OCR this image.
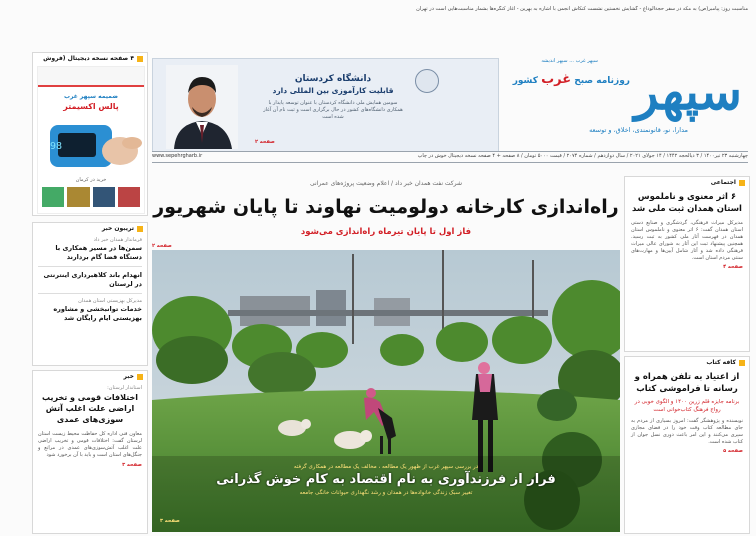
مناسبت روز: پیامبر(ص) به مکه در سفر حجةالوداع - گشایش نخستین نشست کنکاش انجمن با اشاره به بهرین - آغاز کنگره‌ها بشمار مناسبت‌هایی است در تهران
دانشگاه کردستان
قابلیت کارآموزی بین المللی دارد
سومین همایش ملی دانشگاه کردستان با عنوان توسعه پایدار با همکاری دانشگاه‌های کشور در حال برگزاری است و ثبت نام آن آغاز شده است
صفحه ۲
سپهر
روزنامه صبح غرب کشور
مدارا، نو، قانونمندی، اخلاق، و توسعه
سپهر غرب ... سپهر اندیشه
چهارشنبه ۲۳ تیر۱۴۰۰ / ۳ ذیالحجه ۱۴۴۲ / ۱۴ جولای ۲۰۲۱ / سال دوازدهم / شماره ۲۰۷۴ / قیمت ۵۰۰۰ تومان / ۸ صفحه + ۴ صفحه نسخه دیجیتال خوش در چاپ
www.sepehrgharb.ir
۴ صفحه نسخه دیجیتال (فروش
ضمیمه سپهر غرب
پالس اکسیمتر
98
خرید در کرمان
تریبون خبر
فرماندار همدان خبر داد
سمن‌ها در مسیر همکاری با دستگاه قضا گام بردارند
انهدام باند کلاهبرداری اینترنتی در لرستان
مدیرکل بهزیستی استان همدان
خدمات توانبخشی و مشاوره بهزیستی ایام رایگان شد
خبر
استاندار لرستان:
اختلافات قومی و تخریب اراضی علت اغلب آتش سوزی‌های عمدی
معاون فنی اداره کل حفاظت محیط زیست استان لرستان گفت: اختلافات قومی و تخریب اراضی علت اغلب آتش‌سوزی‌های عمدی در مراتع و جنگل‌های استان است و باید با آن برخورد شود
صفحه ۳
شرکت نفت همدان خبر داد / اعلام وضعیت پروژه‌های عمرانی
راه‌اندازی کارخانه دولومیت نهاوند تا پایان شهریور
فاز اول تا پایان تیرماه راه‌اندازی می‌شود
صفحه ۲
در بررسی سپهر غرب از ظهور یک مطالعه ، مخالف یک مطالعه در همکاری گرفته
فرار از فرزندآوری به نام اقتصاد به کام خوش گذرانی
تغییر سبک زندگی خانواده‌ها در همدان و رشد نگهداری حیوانات خانگی جامعه
صفحه ۳
اجتماعی
۶ اثر معنوی و ناملموس استان همدان ثبت ملی شد
مدیرکل میراث فرهنگی، گردشگری و صنایع دستی استان همدان گفت: ۶ اثر معنوی و ناملموس استان همدان در فهرست آثار ملی کشور به ثبت رسید. همچنین پیشنهاد ثبت این آثار به شورای عالی میراث فرهنگی داده شد و آثار شامل آیین‌ها و مهارت‌های سنتی مردم استان است.
صفحه ۴
کافه کتاب
از اعتیاد به تلفن همراه و رسانه تا فراموشی کتاب
برنامه جایزه قلم زرین ۱۴۰۰ و الگوی خوبی در رواج فرهنگ کتاب‌خوانی است
نویسنده و پژوهشگر گفت: امروز بسیاری از مردم به جای مطالعه کتاب وقت خود را در فضای مجازی سپری می‌کنند و این امر باعث دوری نسل جوان از کتاب شده است.
صفحه ۵
